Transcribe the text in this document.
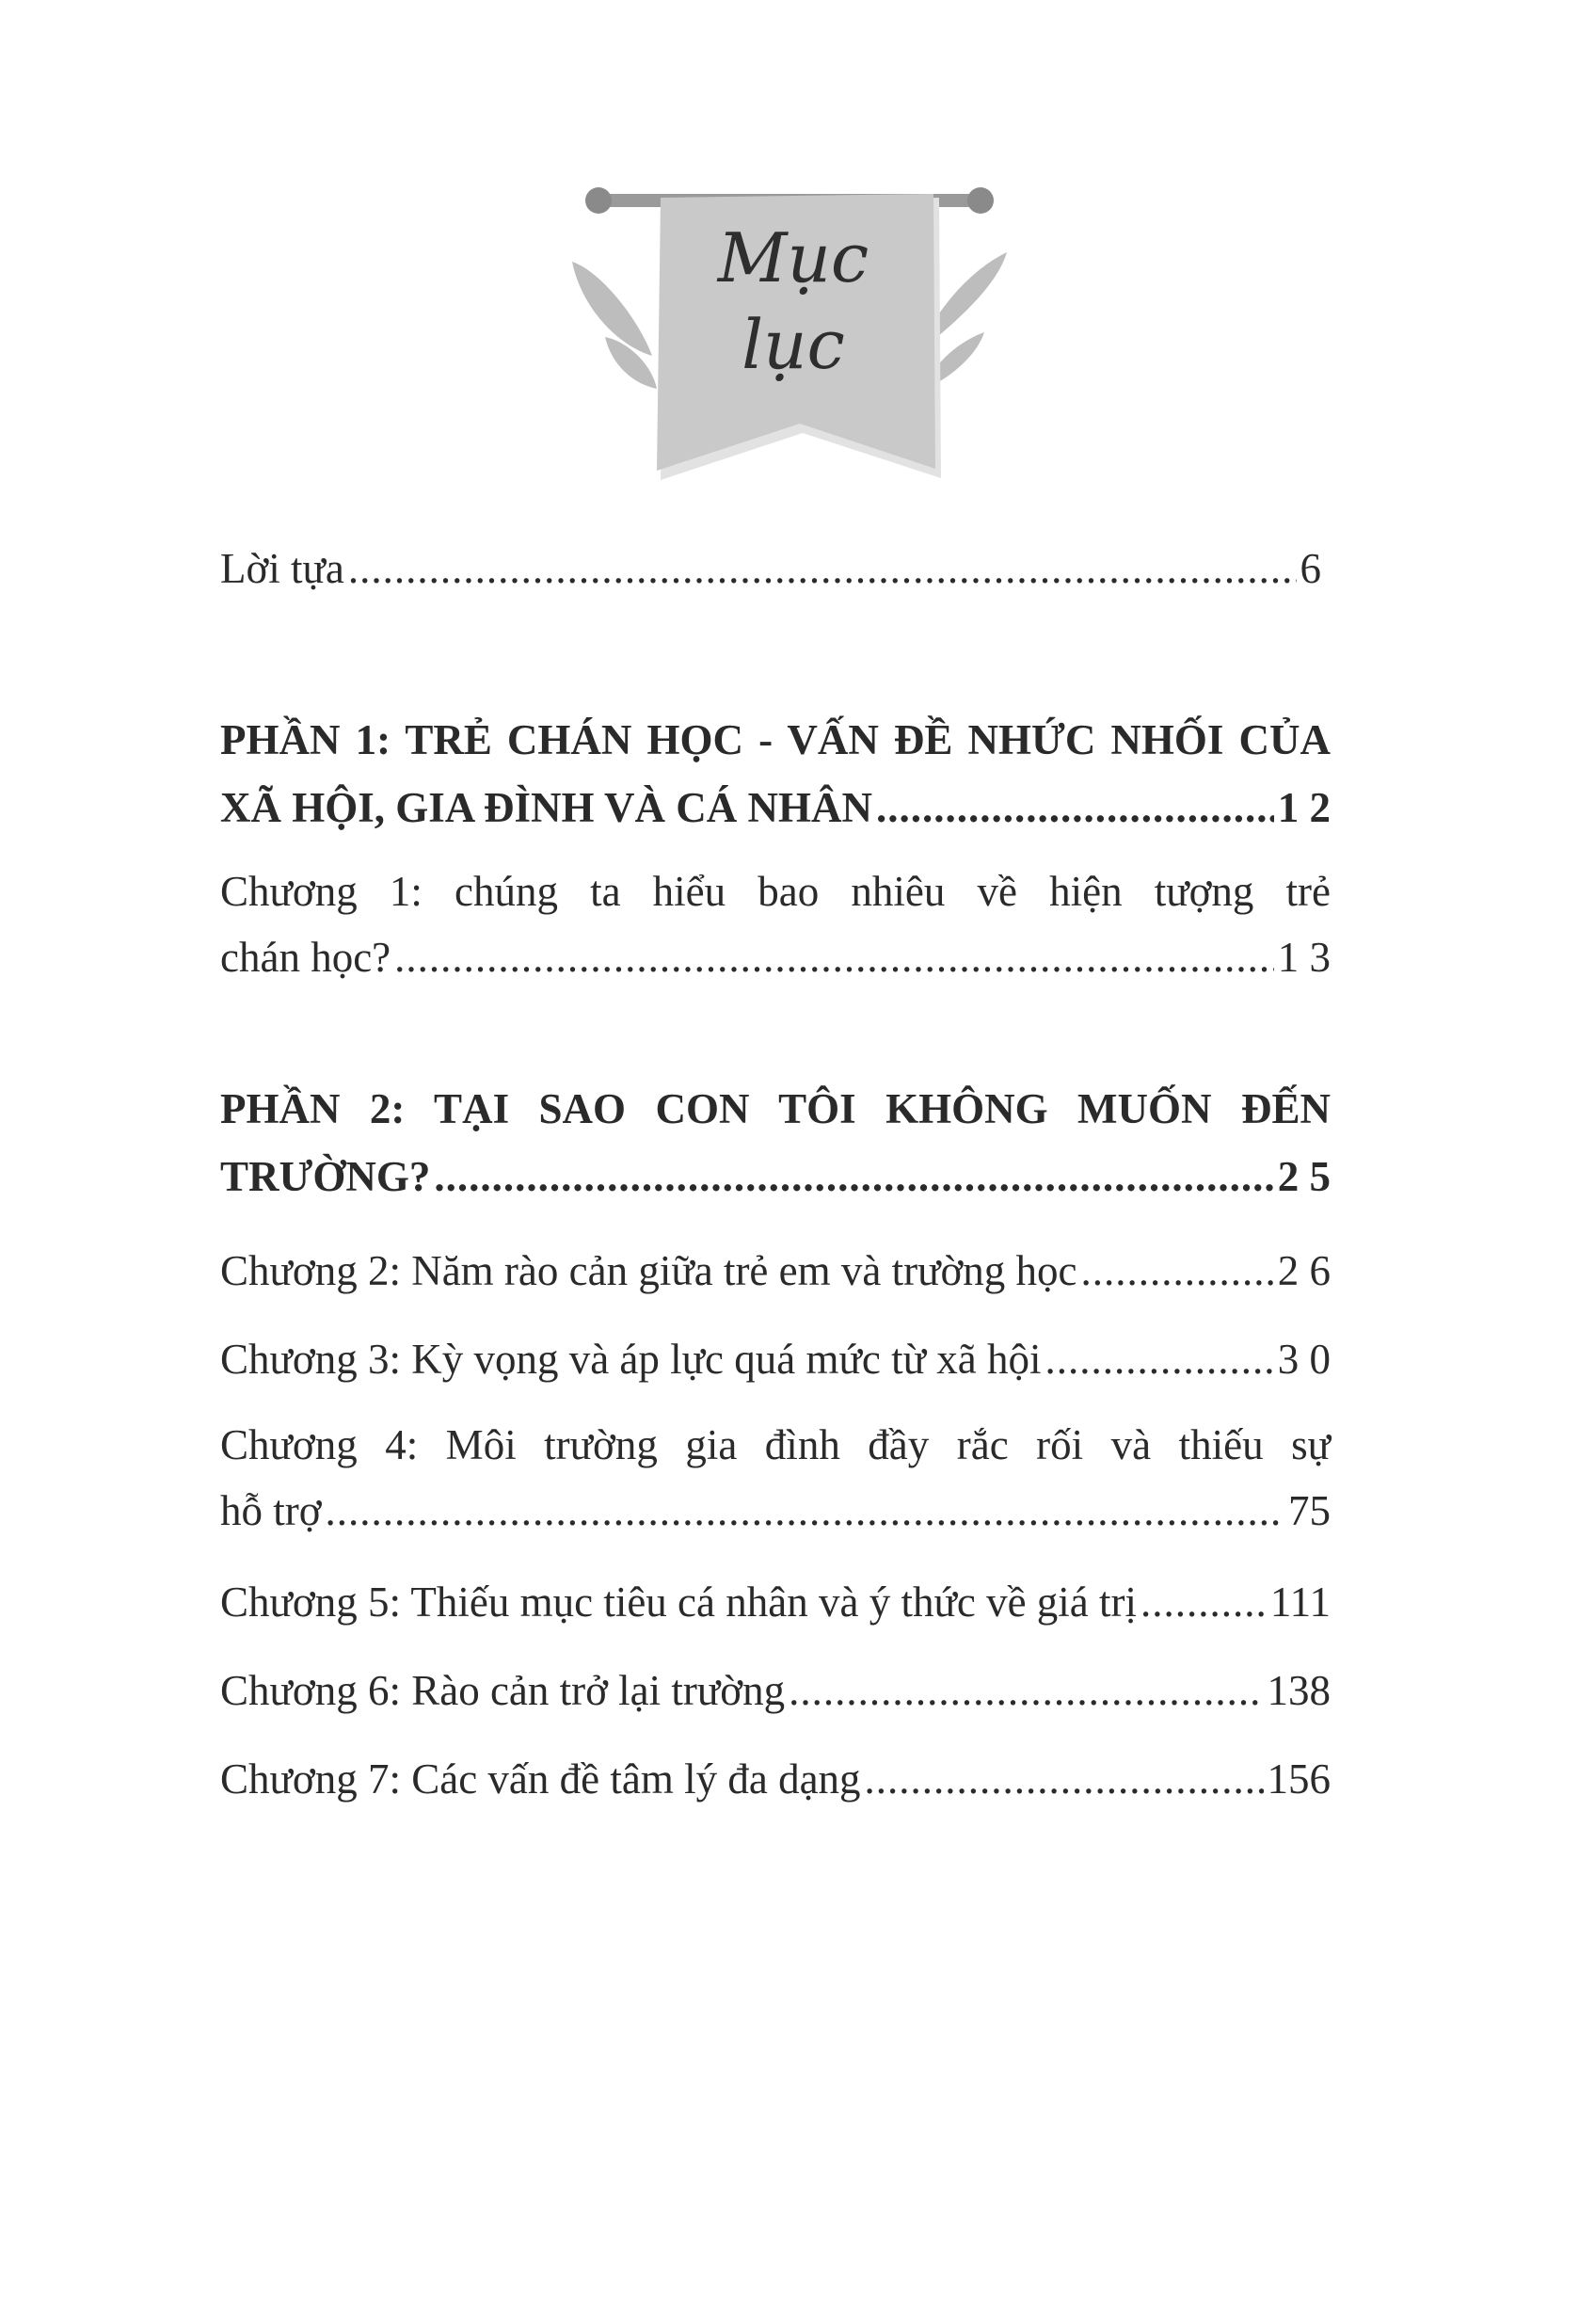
Mục
lục
Lời tựa .....	6
PHẦN 1: TRẺ CHÁN HỌC - VẤN ĐỀ NHỨC NHỐI CỦA
XÃ HỘI, GIA ĐÌNH VÀ CÁ NHÂN .....	1 2
Chương 1: chúng ta hiểu bao nhiêu về hiện tượng trẻ
chán học? .....	1 3
PHẦN 2: TẠI SAO CON TÔI KHÔNG MUỐN ĐẾN
TRƯỜNG? .....	2 5
Chương 2: Năm rào cản giữa trẻ em và trường học .....	2 6
Chương 3: Kỳ vọng và áp lực quá mức từ xã hội .....	3 0
Chương 4: Môi trường gia đình đầy rắc rối và thiếu sự
hỗ trợ .....	75
Chương 5: Thiếu mục tiêu cá nhân và ý thức về giá trị .....	111
Chương 6: Rào cản trở lại trường .....	138
Chương 7: Các vấn đề tâm lý đa dạng .....	156
